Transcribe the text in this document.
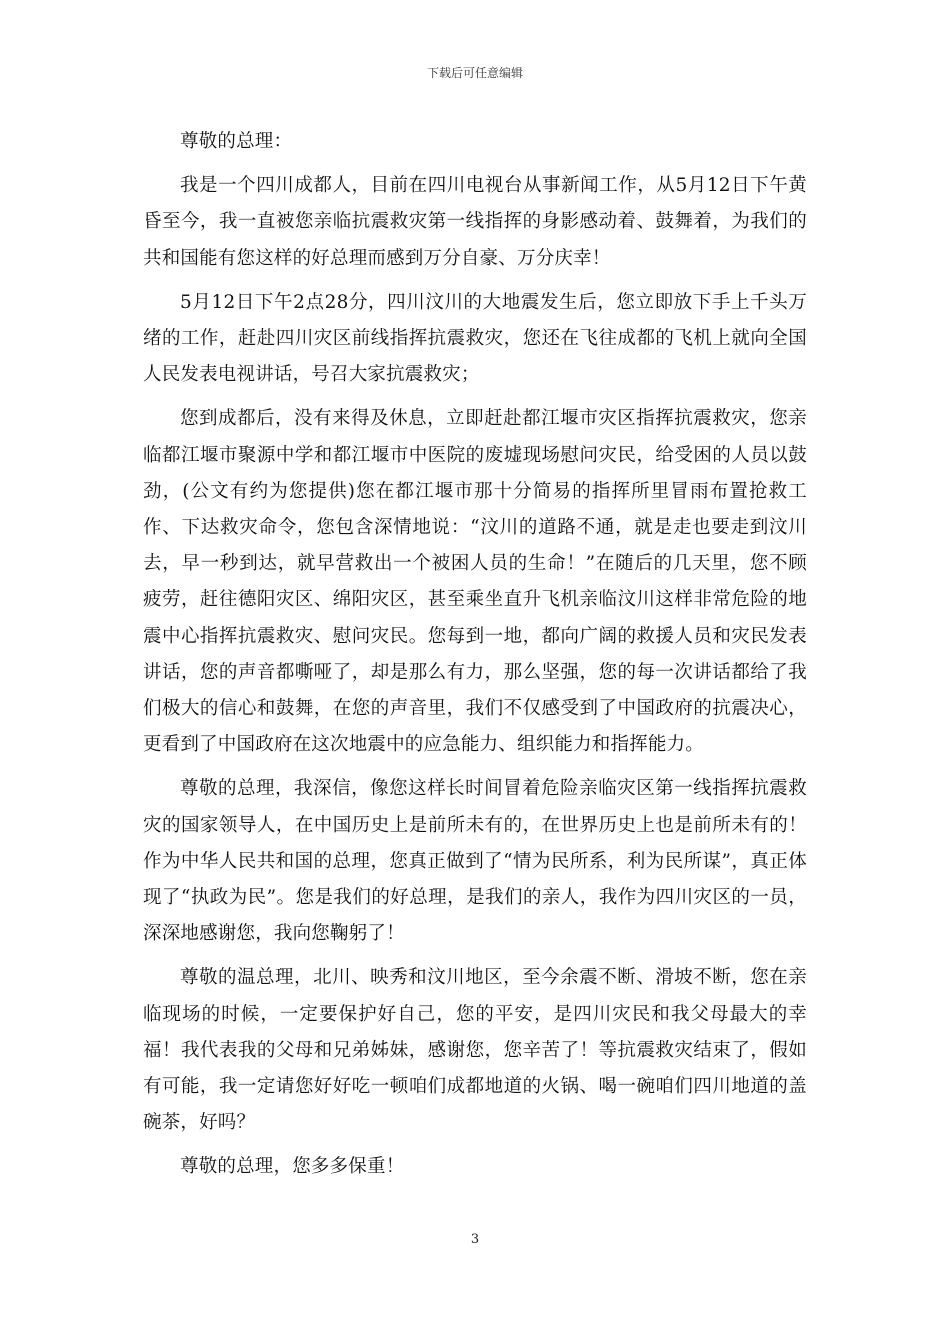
下载后可任意编辑

尊敬的总理：

我是一个四川成都人，目前在四川电视台从事新闻工作，从5月12日下午黄昏至今，我一直被您亲临抗震救灾第一线指挥的身影感动着、鼓舞着，为我们的共和国能有您这样的好总理而感到万分自豪、万分庆幸！

5月12日下午2点28分，四川汶川的大地震发生后，您立即放下手上千头万绪的工作，赶赴四川灾区前线指挥抗震救灾，您还在飞往成都的飞机上就向全国人民发表电视讲话，号召大家抗震救灾；

您到成都后，没有来得及休息，立即赶赴都江堰市灾区指挥抗震救灾，您亲临都江堰市聚源中学和都江堰市中医院的废墟现场慰问灾民，给受困的人员以鼓劲，(公文有约为您提供)您在都江堰市那十分简易的指挥所里冒雨布置抢救工作、下达救灾命令，您包含深情地说：“汶川的道路不通，就是走也要走到汶川去，早一秒到达，就早营救出一个被困人员的生命！”在随后的几天里，您不顾疲劳，赶往德阳灾区、绵阳灾区，甚至乘坐直升飞机亲临汶川这样非常危险的地震中心指挥抗震救灾、慰问灾民。您每到一地，都向广阔的救援人员和灾民发表讲话，您的声音都嘶哑了，却是那么有力，那么坚强，您的每一次讲话都给了我们极大的信心和鼓舞，在您的声音里，我们不仅感受到了中国政府的抗震决心，更看到了中国政府在这次地震中的应急能力、组织能力和指挥能力。

尊敬的总理，我深信，像您这样长时间冒着危险亲临灾区第一线指挥抗震救灾的国家领导人，在中国历史上是前所未有的，在世界历史上也是前所未有的！作为中华人民共和国的总理，您真正做到了“情为民所系，利为民所谋”，真正体现了“执政为民”。您是我们的好总理，是我们的亲人，我作为四川灾区的一员，深深地感谢您，我向您鞠躬了！

尊敬的温总理，北川、映秀和汶川地区，至今余震不断、滑坡不断，您在亲临现场的时候，一定要保护好自己，您的平安，是四川灾民和我父母最大的幸福！我代表我的父母和兄弟姊妹，感谢您，您辛苦了！等抗震救灾结束了，假如有可能，我一定请您好好吃一顿咱们成都地道的火锅、喝一碗咱们四川地道的盖碗茶，好吗？

尊敬的总理，您多多保重！

3
